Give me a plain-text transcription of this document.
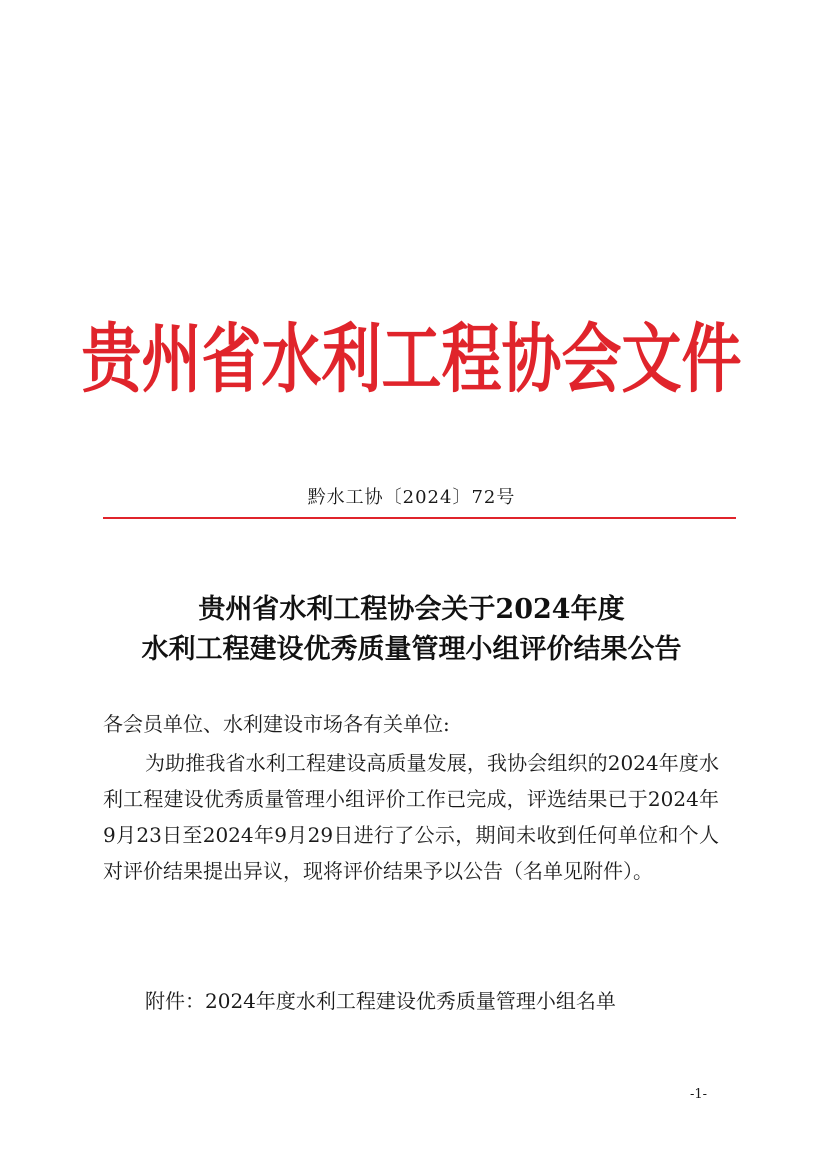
贵州省水利工程协会文件
黔水工协〔2024〕72号
贵州省水利工程协会关于2024年度
水利工程建设优秀质量管理小组评价结果公告
各会员单位、水利建设市场各有关单位:

为助推我省水利工程建设高质量发展，我协会组织的2024年度水利工程建设优秀质量管理小组评价工作已完成，评选结果已于2024年9月23日至2024年9月29日进行了公示，期间未收到任何单位和个人对评价结果提出异议，现将评价结果予以公告（名单见附件）。

附件：2024年度水利工程建设优秀质量管理小组名单
-1-
